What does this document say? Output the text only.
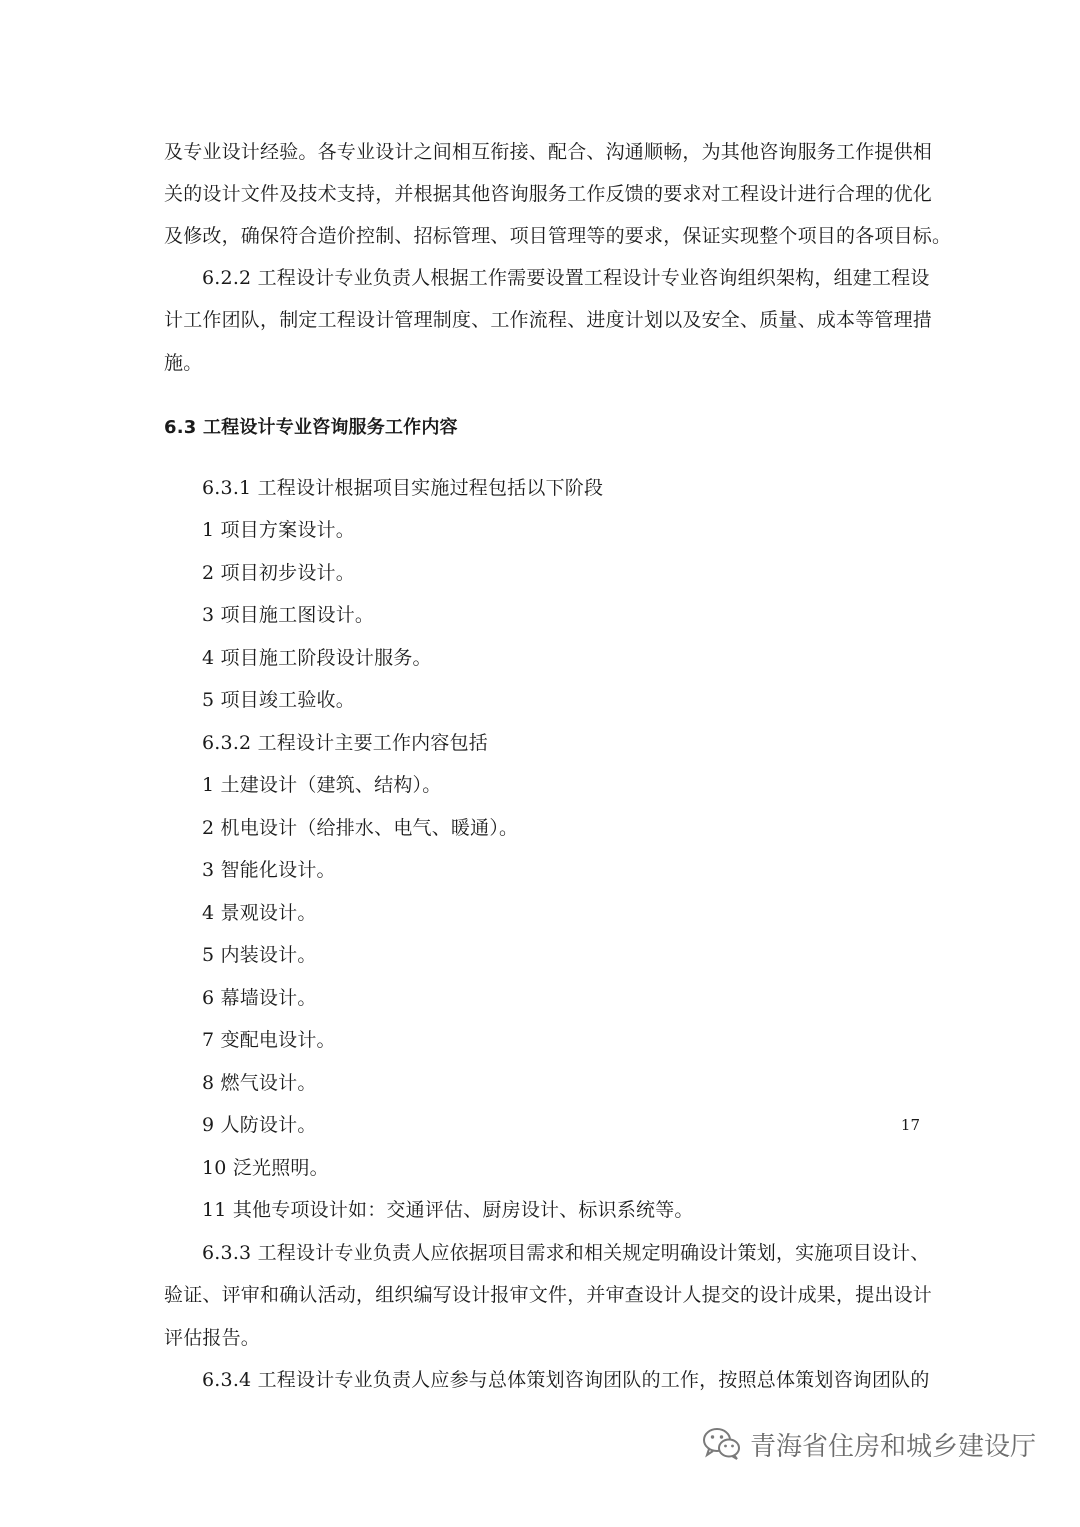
及专业设计经验。各专业设计之间相互衔接、配合、沟通顺畅，为其他咨询服务工作提供相
关的设计文件及技术支持，并根据其他咨询服务工作反馈的要求对工程设计进行合理的优化
及修改，确保符合造价控制、招标管理、项目管理等的要求，保证实现整个项目的各项目标。
6.2.2 工程设计专业负责人根据工作需要设置工程设计专业咨询组织架构，组建工程设
计工作团队，制定工程设计管理制度、工作流程、进度计划以及安全、质量、成本等管理措
施。
6.3 工程设计专业咨询服务工作内容
6.3.1 工程设计根据项目实施过程包括以下阶段
1 项目方案设计。
2 项目初步设计。
3 项目施工图设计。
4 项目施工阶段设计服务。
5 项目竣工验收。
6.3.2 工程设计主要工作内容包括
1 土建设计（建筑、结构）。
2 机电设计（给排水、电气、暖通）。
3 智能化设计。
4 景观设计。
5 内装设计。
6 幕墙设计。
7 变配电设计。
8 燃气设计。
9 人防设计。
10 泛光照明。
11 其他专项设计如：交通评估、厨房设计、标识系统等。
6.3.3 工程设计专业负责人应依据项目需求和相关规定明确设计策划，实施项目设计、
验证、评审和确认活动，组织编写设计报审文件，并审查设计人提交的设计成果，提出设计
评估报告。
6.3.4 工程设计专业负责人应参与总体策划咨询团队的工作，按照总体策划咨询团队的
17
青海省住房和城乡建设厅
